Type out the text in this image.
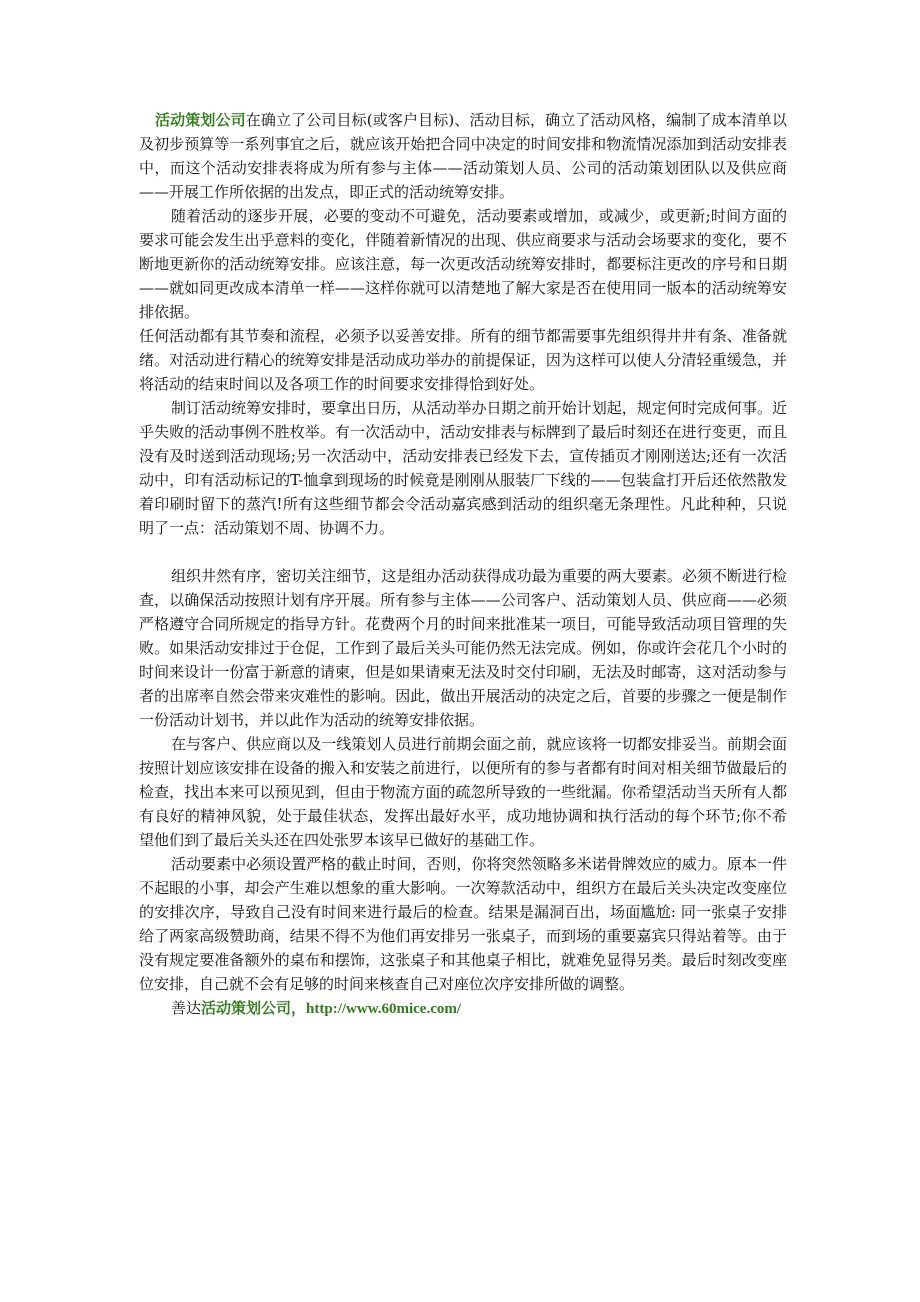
活动策划公司在确立了公司目标(或客户目标)、活动目标，确立了活动风格，编制了成本清单以及初步预算等一系列事宜之后，就应该开始把合同中决定的时间安排和物流情况添加到活动安排表中，而这个活动安排表将成为所有参与主体——活动策划人员、公司的活动策划团队以及供应商——开展工作所依据的出发点，即正式的活动统筹安排。

随着活动的逐步开展，必要的变动不可避免，活动要素或增加，或减少，或更新;时间方面的要求可能会发生出乎意料的变化，伴随着新情况的出现、供应商要求与活动会场要求的变化，要不断地更新你的活动统筹安排。应该注意，每一次更改活动统筹安排时，都要标注更改的序号和日期——就如同更改成本清单一样——这样你就可以清楚地了解大家是否在使用同一版本的活动统筹安排依据。

任何活动都有其节奏和流程，必须予以妥善安排。所有的细节都需要事先组织得井井有条、准备就绪。对活动进行精心的统筹安排是活动成功举办的前提保证，因为这样可以使人分清轻重缓急，并将活动的结束时间以及各项工作的时间要求安排得恰到好处。

制订活动统筹安排时，要拿出日历，从活动举办日期之前开始计划起，规定何时完成何事。近乎失败的活动事例不胜枚举。有一次活动中，活动安排表与标牌到了最后时刻还在进行变更，而且没有及时送到活动现场;另一次活动中，活动安排表已经发下去，宣传插页才刚刚送达;还有一次活动中，印有活动标记的T-恤拿到现场的时候竟是刚刚从服装厂下线的——包装盒打开后还依然散发着印刷时留下的蒸汽!所有这些细节都会令活动嘉宾感到活动的组织毫无条理性。凡此种种，只说明了一点：活动策划不周、协调不力。

组织井然有序，密切关注细节，这是组办活动获得成功最为重要的两大要素。必须不断进行检查，以确保活动按照计划有序开展。所有参与主体——公司客户、活动策划人员、供应商——必须严格遵守合同所规定的指导方针。花费两个月的时间来批准某一项目，可能导致活动项目管理的失败。如果活动安排过于仓促，工作到了最后关头可能仍然无法完成。例如，你或许会花几个小时的时间来设计一份富于新意的请柬，但是如果请柬无法及时交付印刷，无法及时邮寄，这对活动参与者的出席率自然会带来灾难性的影响。因此，做出开展活动的决定之后，首要的步骤之一便是制作一份活动计划书，并以此作为活动的统筹安排依据。

在与客户、供应商以及一线策划人员进行前期会面之前，就应该将一切都安排妥当。前期会面按照计划应该安排在设备的搬入和安装之前进行，以便所有的参与者都有时间对相关细节做最后的检查，找出本来可以预见到，但由于物流方面的疏忽所导致的一些纰漏。你希望活动当天所有人都有良好的精神风貌，处于最佳状态，发挥出最好水平，成功地协调和执行活动的每个环节;你不希望他们到了最后关头还在四处张罗本该早已做好的基础工作。

活动要素中必须设置严格的截止时间，否则，你将突然领略多米诺骨牌效应的威力。原本一件不起眼的小事，却会产生难以想象的重大影响。一次筹款活动中，组织方在最后关头决定改变座位的安排次序，导致自己没有时间来进行最后的检查。结果是漏洞百出，场面尴尬: 同一张桌子安排给了两家高级赞助商，结果不得不为他们再安排另一张桌子，而到场的重要嘉宾只得站着等。由于没有规定要准备额外的桌布和摆饰，这张桌子和其他桌子相比，就难免显得另类。最后时刻改变座位安排，自己就不会有足够的时间来核查自己对座位次序安排所做的调整。

善达活动策划公司，http://www.60mice.com/
